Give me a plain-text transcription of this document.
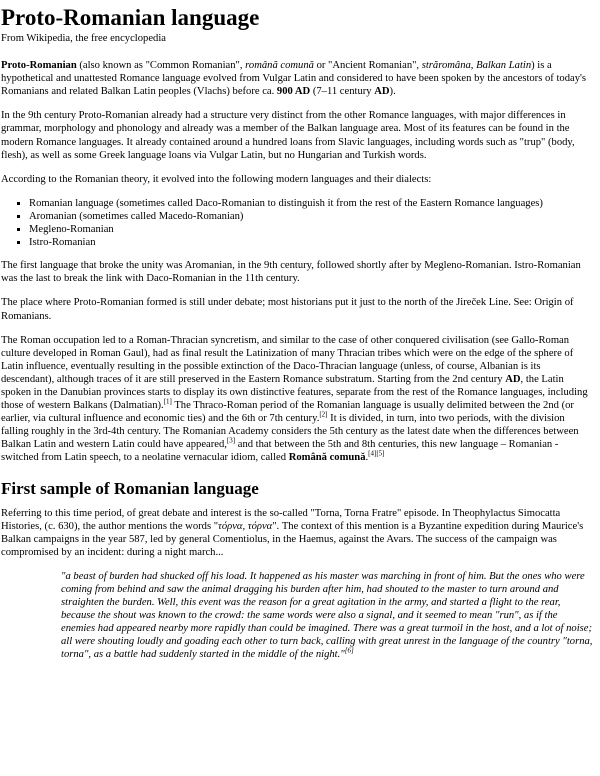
Proto-Romanian language
From Wikipedia, the free encyclopedia

Proto-Romanian (also known as "Common Romanian", română comună or "Ancient Romanian", străromâna, Balkan Latin) is a hypothetical and unattested Romance language evolved from Vulgar Latin and considered to have been spoken by the ancestors of today's Romanians and related Balkan Latin peoples (Vlachs) before ca. 900 AD (7–11 century AD).

In the 9th century Proto-Romanian already had a structure very distinct from the other Romance languages, with major differences in grammar, morphology and phonology and already was a member of the Balkan language area. Most of its features can be found in the modern Romance languages. It already contained around a hundred loans from Slavic languages, including words such as "trup" (body, flesh), as well as some Greek language loans via Vulgar Latin, but no Hungarian and Turkish words.

According to the Romanian theory, it evolved into the following modern languages and their dialects:

▪ Romanian language (sometimes called Daco-Romanian to distinguish it from the rest of the Eastern Romance languages)
▪ Aromanian (sometimes called Macedo-Romanian)
▪ Megleno-Romanian
▪ Istro-Romanian

The first language that broke the unity was Aromanian, in the 9th century, followed shortly after by Megleno-Romanian. Istro-Romanian was the last to break the link with Daco-Romanian in the 11th century.

The place where Proto-Romanian formed is still under debate; most historians put it just to the north of the Jireček Line. See: Origin of Romanians.

The Roman occupation led to a Roman-Thracian syncretism, and similar to the case of other conquered civilisation (see Gallo-Roman culture developed in Roman Gaul), had as final result the Latinization of many Thracian tribes which were on the edge of the sphere of Latin influence, eventually resulting in the possible extinction of the Daco-Thracian language (unless, of course, Albanian is its descendant), although traces of it are still preserved in the Eastern Romance substratum. Starting from the 2nd century AD, the Latin spoken in the Danubian provinces starts to display its own distinctive features, separate from the rest of the Romance languages, including those of western Balkans (Dalmatian).[1] The Thraco-Roman period of the Romanian language is usually delimited between the 2nd (or earlier, via cultural influence and economic ties) and the 6th or 7th century.[2] It is divided, in turn, into two periods, with the division falling roughly in the 3rd-4th century. The Romanian Academy considers the 5th century as the latest date when the differences between Balkan Latin and western Latin could have appeared,[3] and that between the 5th and 8th centuries, this new language – Romanian - switched from Latin speech, to a neolatine vernacular idiom, called Română comună.[4][5]

First sample of Romanian language

Referring to this time period, of great debate and interest is the so-called "Torna, Torna Fratre" episode. In Theophylactus Simocatta Histories, (c. 630), the author mentions the words "τόρνα, τόρνα". The context of this mention is a Byzantine expedition during Maurice's Balkan campaigns in the year 587, led by general Comentiolus, in the Haemus, against the Avars. The success of the campaign was compromised by an incident: during a night march...

"a beast of burden had shucked off his load. It happened as his master was marching in front of him. But the ones who were coming from behind and saw the animal dragging his burden after him, had shouted to the master to turn around and straighten the burden. Well, this event was the reason for a great agitation in the army, and started a flight to the rear, because the shout was known to the crowd: the same words were also a signal, and it seemed to mean "run", as if the enemies had appeared nearby more rapidly than could be imagined. There was a great turmoil in the host, and a lot of noise; all were shouting loudly and goading each other to turn back, calling with great unrest in the language of the country "torna, torna", as a battle had suddenly started in the middle of the night."[6]
